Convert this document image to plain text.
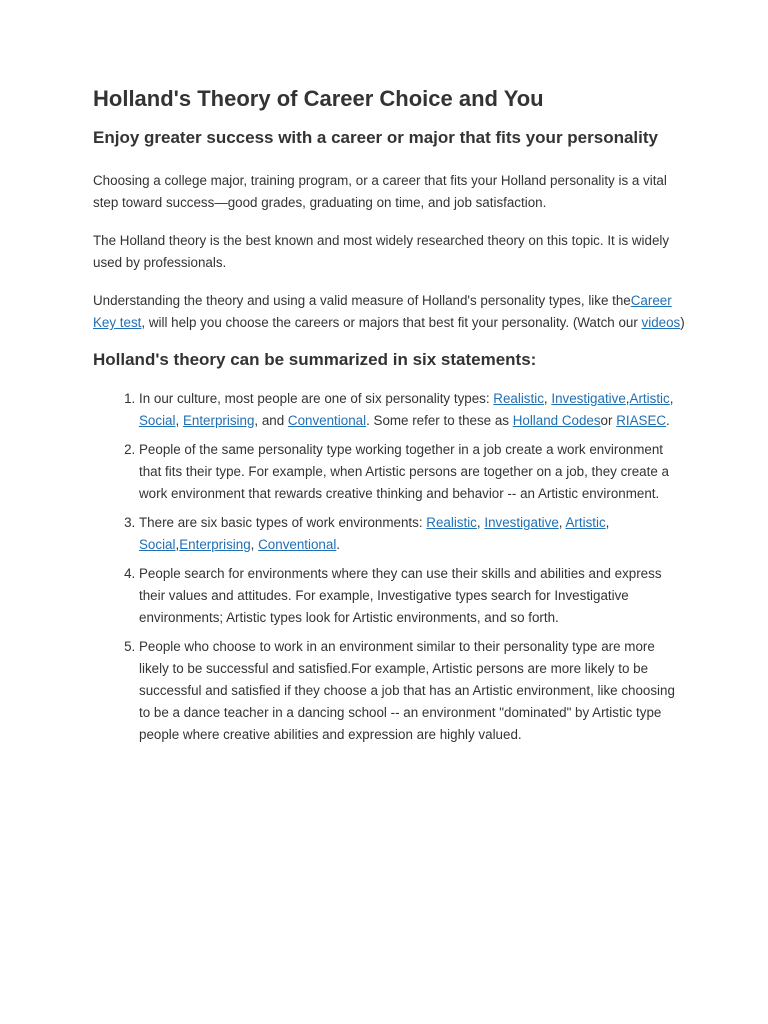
Holland's Theory of Career Choice and You
Enjoy greater success with a career or major that fits your personality

Choosing a college major, training program, or a career that fits your Holland personality is a vital step toward success—good grades, graduating on time, and job satisfaction.

The Holland theory is the best known and most widely researched theory on this topic. It is widely used by professionals.

Understanding the theory and using a valid measure of Holland's personality types, like theCareer Key test, will help you choose the careers or majors that best fit your personality. (Watch our videos)

Holland's theory can be summarized in six statements:
1. In our culture, most people are one of six personality types: Realistic, Investigative,Artistic, Social, Enterprising, and Conventional. Some refer to these as Holland Codesor RIASEC.
2. People of the same personality type working together in a job create a work environment that fits their type. For example, when Artistic persons are together on a job, they create a work environment that rewards creative thinking and behavior -- an Artistic environment.
3. There are six basic types of work environments: Realistic, Investigative, Artistic, Social,Enterprising, Conventional.
4. People search for environments where they can use their skills and abilities and express their values and attitudes. For example, Investigative types search for Investigative environments; Artistic types look for Artistic environments, and so forth.
5. People who choose to work in an environment similar to their personality type are more likely to be successful and satisfied.For example, Artistic persons are more likely to be successful and satisfied if they choose a job that has an Artistic environment, like choosing to be a dance teacher in a dancing school -- an environment "dominated" by Artistic type people where creative abilities and expression are highly valued.
